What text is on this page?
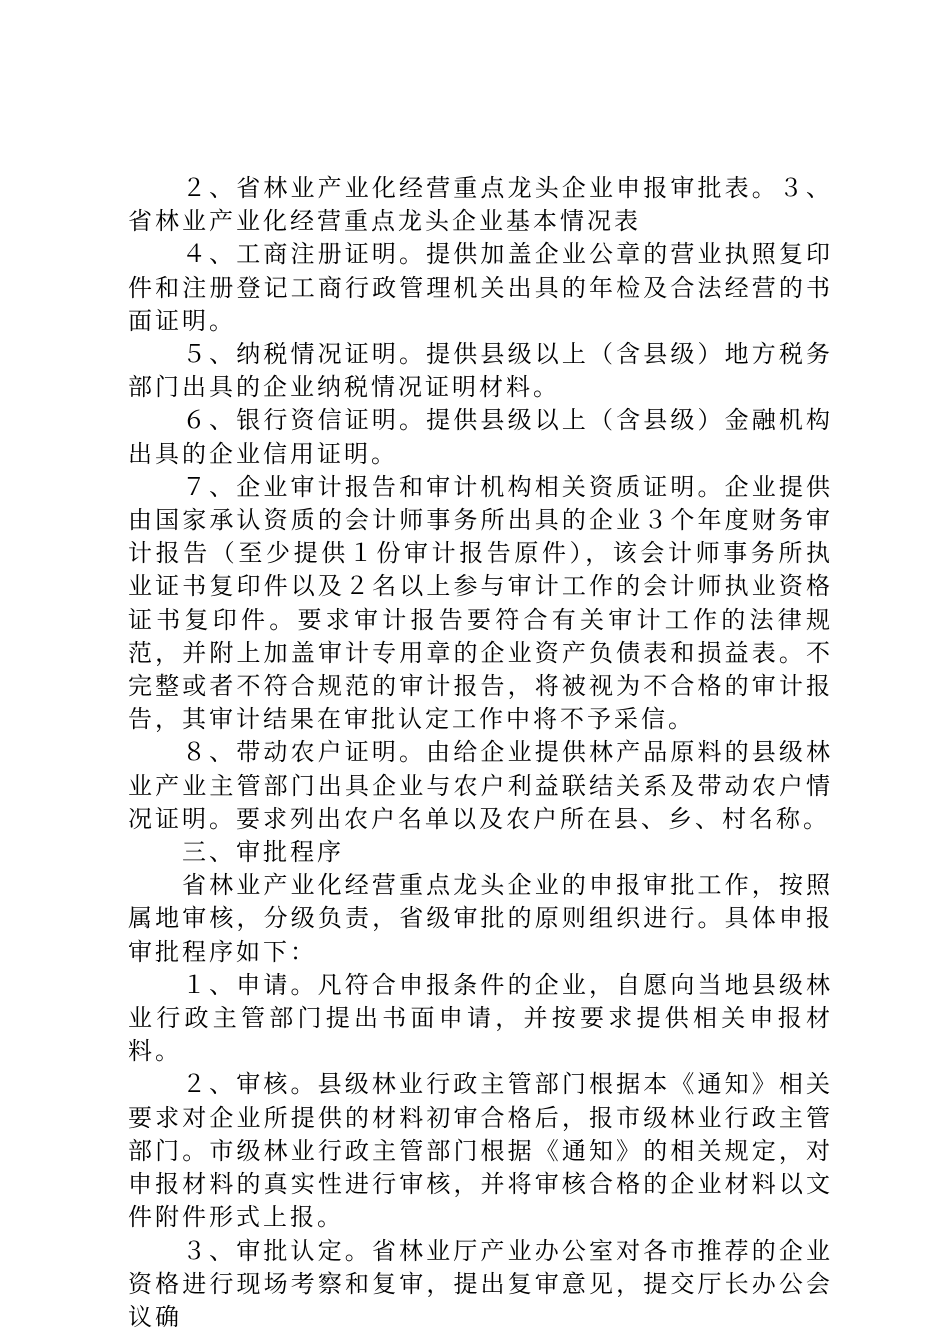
２、省林业产业化经营重点龙头企业申报审批表。３、省林业产业化经营重点龙头企业基本情况表

４、工商注册证明。提供加盖企业公章的营业执照复印件和注册登记工商行政管理机关出具的年检及合法经营的书面证明。

５、纳税情况证明。提供县级以上（含县级）地方税务部门出具的企业纳税情况证明材料。

６、银行资信证明。提供县级以上（含县级）金融机构出具的企业信用证明。

７、企业审计报告和审计机构相关资质证明。企业提供由国家承认资质的会计师事务所出具的企业３个年度财务审计报告（至少提供１份审计报告原件），该会计师事务所执业证书复印件以及２名以上参与审计工作的会计师执业资格证书复印件。要求审计报告要符合有关审计工作的法律规范，并附上加盖审计专用章的企业资产负债表和损益表。不完整或者不符合规范的审计报告，将被视为不合格的审计报告，其审计结果在审批认定工作中将不予采信。

８、带动农户证明。由给企业提供林产品原料的县级林业产业主管部门出具企业与农户利益联结关系及带动农户情况证明。要求列出农户名单以及农户所在县、乡、村名称。

三、审批程序

省林业产业化经营重点龙头企业的申报审批工作，按照属地审核，分级负责，省级审批的原则组织进行。具体申报审批程序如下：

１、申请。凡符合申报条件的企业，自愿向当地县级林业行政主管部门提出书面申请，并按要求提供相关申报材料。

２、审核。县级林业行政主管部门根据本《通知》相关要求对企业所提供的材料初审合格后，报市级林业行政主管部门。市级林业行政主管部门根据《通知》的相关规定，对申报材料的真实性进行审核，并将审核合格的企业材料以文件附件形式上报。

３、审批认定。省林业厅产业办公室对各市推荐的企业资格进行现场考察和复审，提出复审意见，提交厅长办公会议确
